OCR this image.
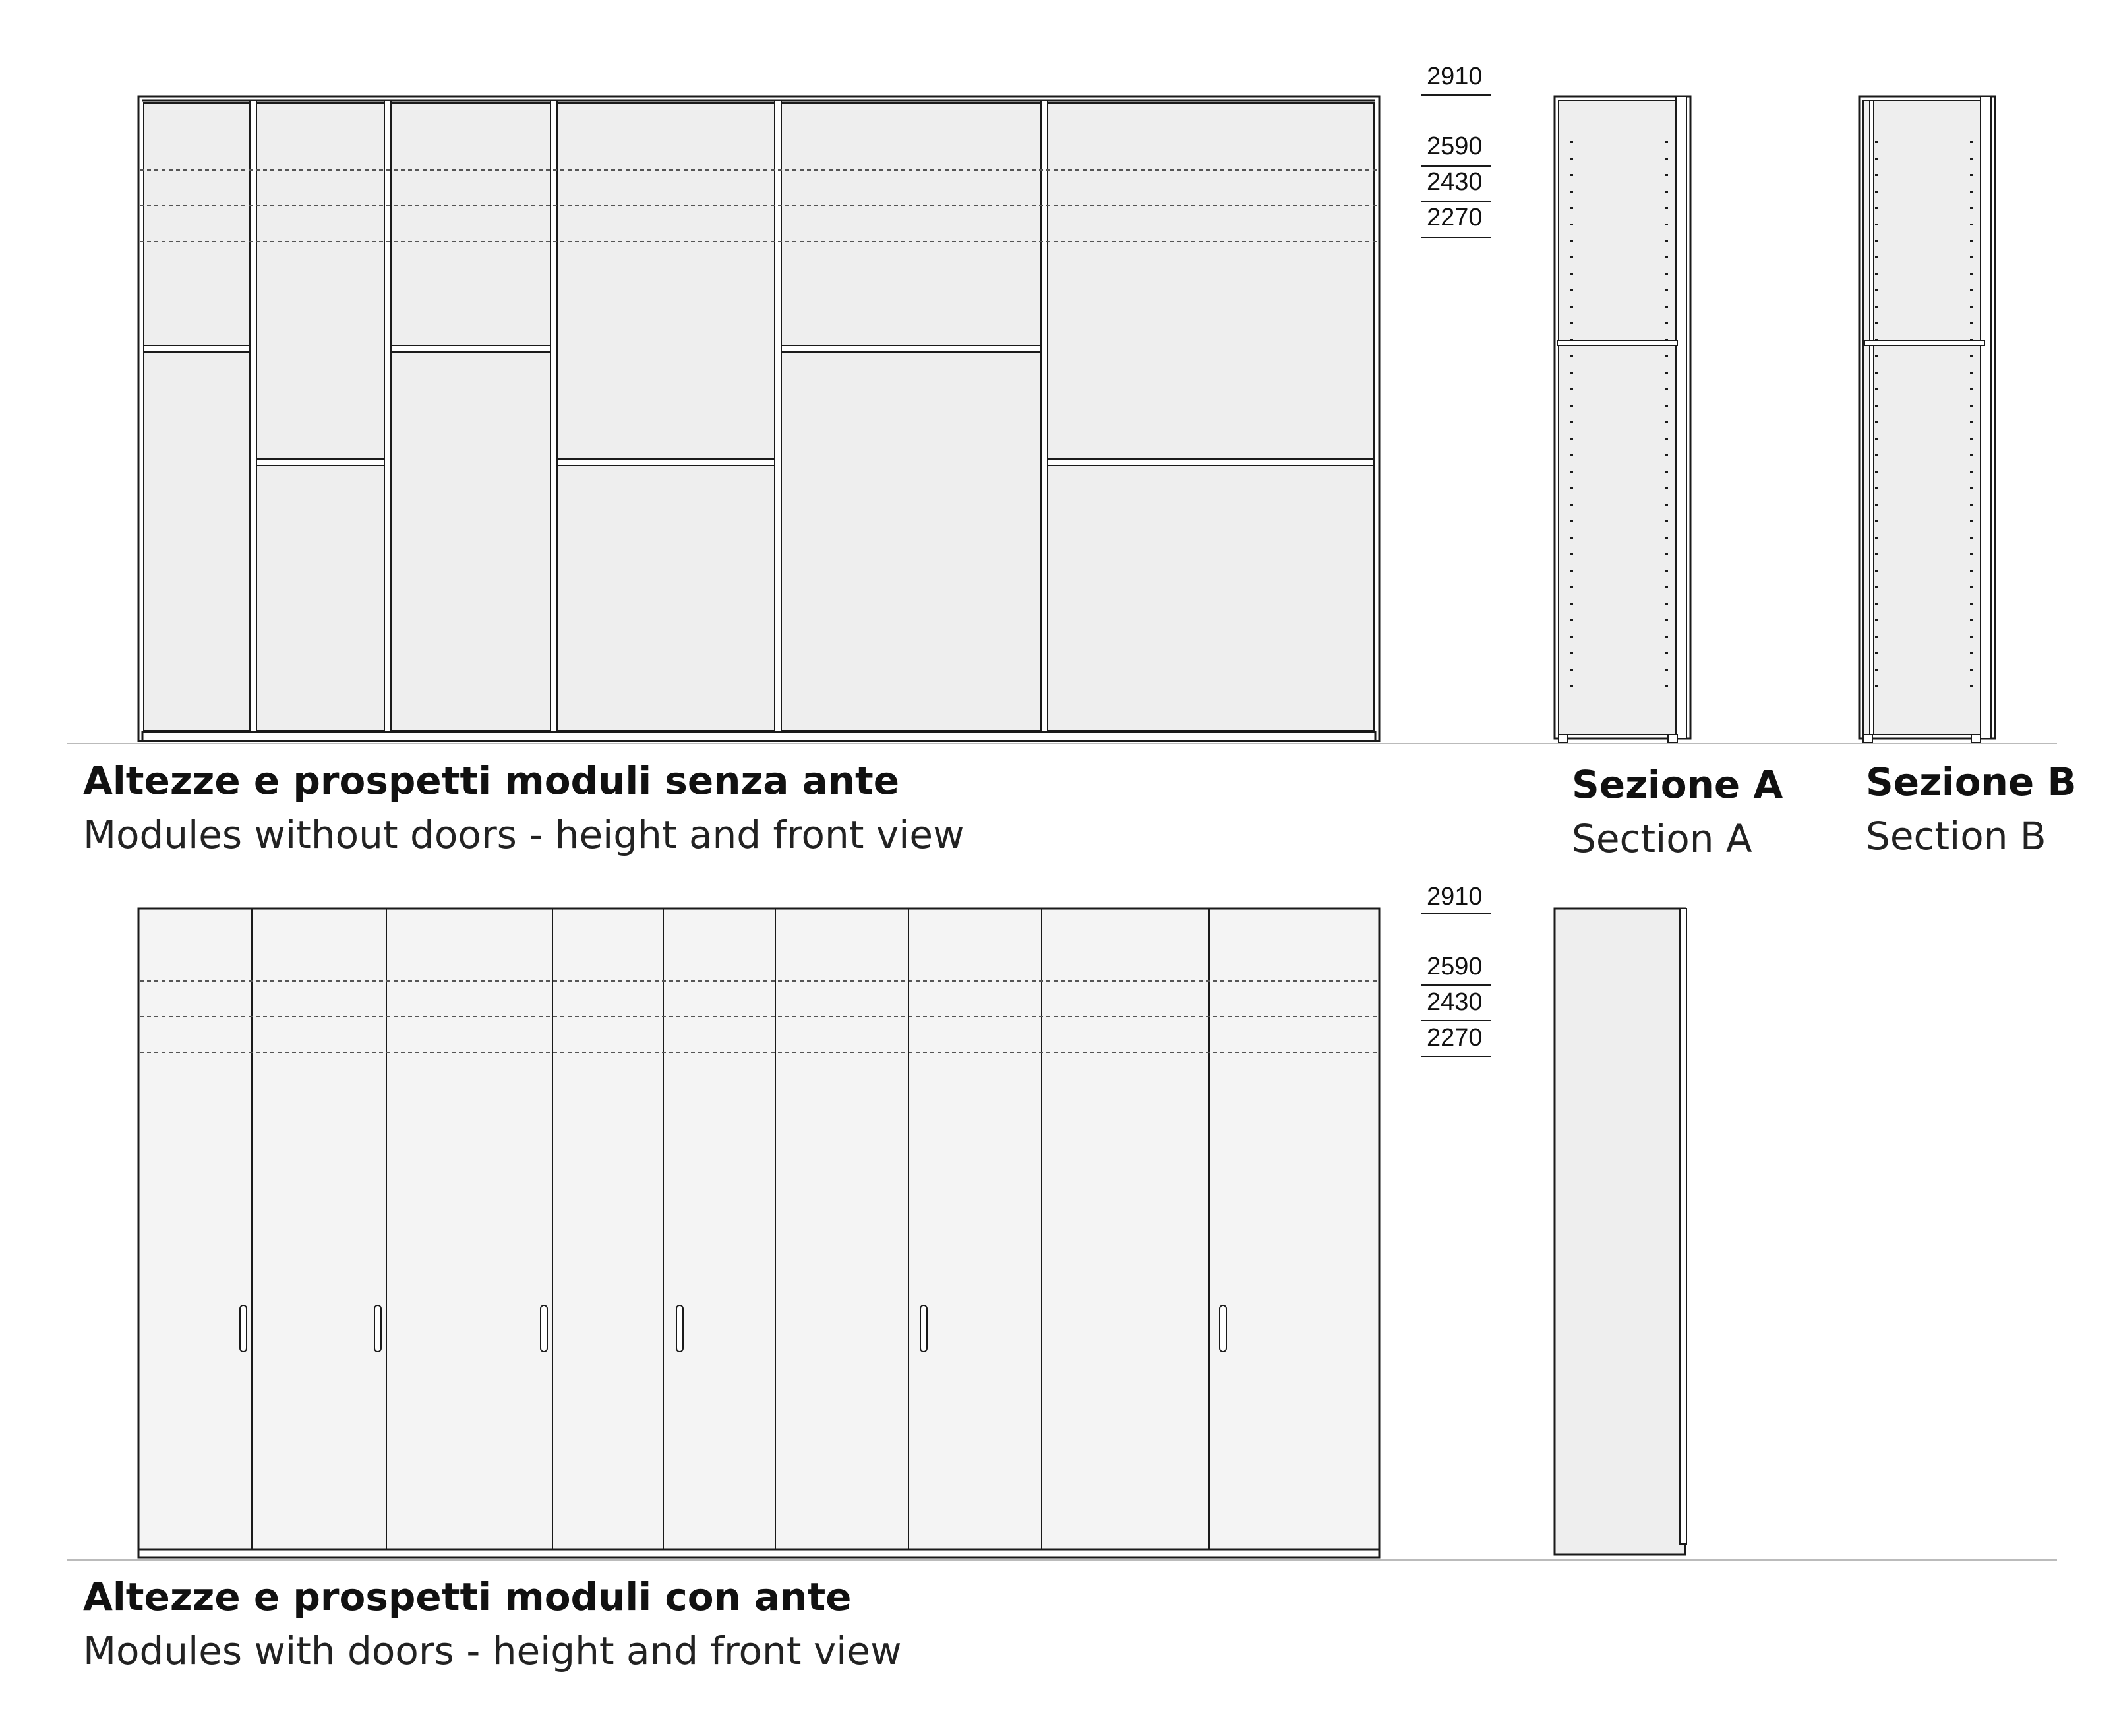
2910
2590
2430
2270
2910
2590
2430
2270
Altezze e prospetti moduli senza ante
Modules without doors - height and front view
Sezione A
Section A
Sezione B
Section B
Altezze e prospetti moduli con ante
Modules with doors - height and front view
